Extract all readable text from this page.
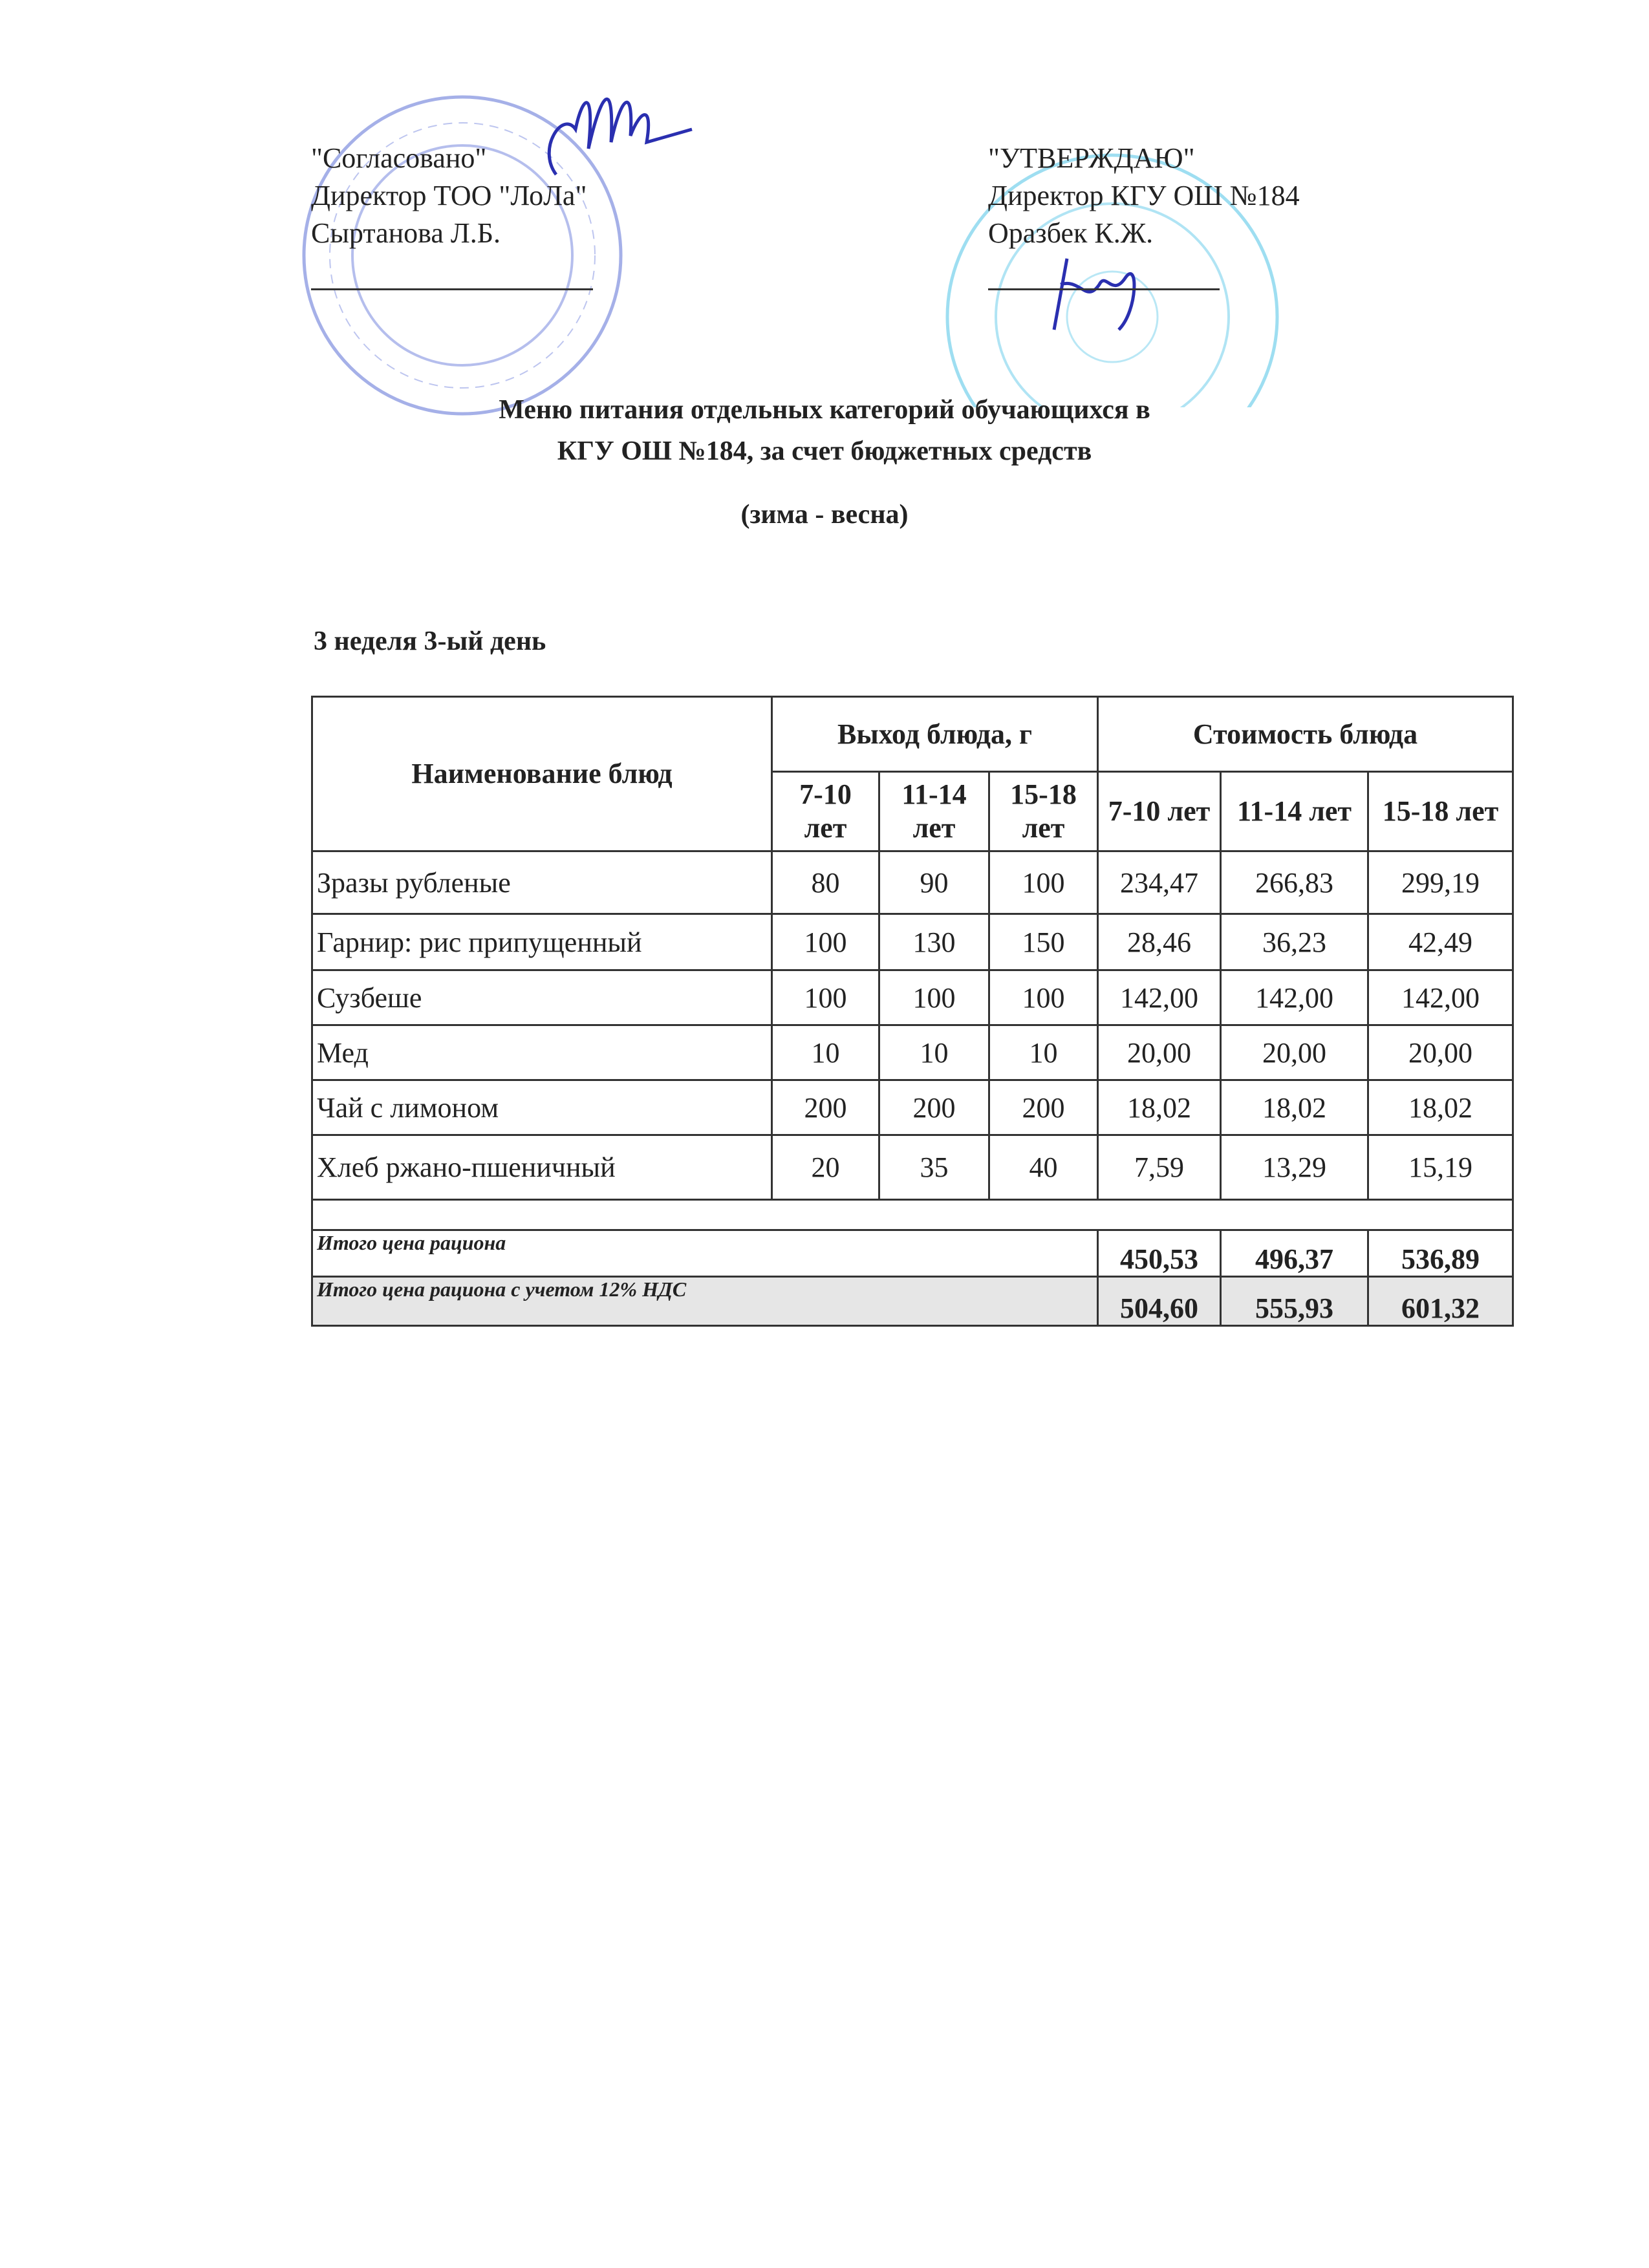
"Согласовано"
Директор ТОО "ЛоЛа"
Сыртанова Л.Б.
"УТВЕРЖДАЮ"
Директор КГУ ОШ №184
Оразбек К.Ж.
Меню питания отдельных категорий обучающихся в
КГУ ОШ №184, за счет бюджетных средств
(зима - весна)
3 неделя 3-ый день
Наименование блюд	Выход блюда, г			Стоимость блюда		
	7-10 лет	11-14 лет	15-18 лет	7-10 лет	11-14 лет	15-18 лет
Зразы рубленые	80	90	100	234,47	266,83	299,19
Гарнир: рис припущенный	100	130	150	28,46	36,23	42,49
Сузбеше	100	100	100	142,00	142,00	142,00
Мед	10	10	10	20,00	20,00	20,00
Чай с лимоном	200	200	200	18,02	18,02	18,02
Хлеб ржано-пшеничный	20	35	40	7,59	13,29	15,19

Итого цена рациона				450,53	496,37	536,89
Итого цена рациона с учетом 12% НДС				504,60	555,93	601,32
